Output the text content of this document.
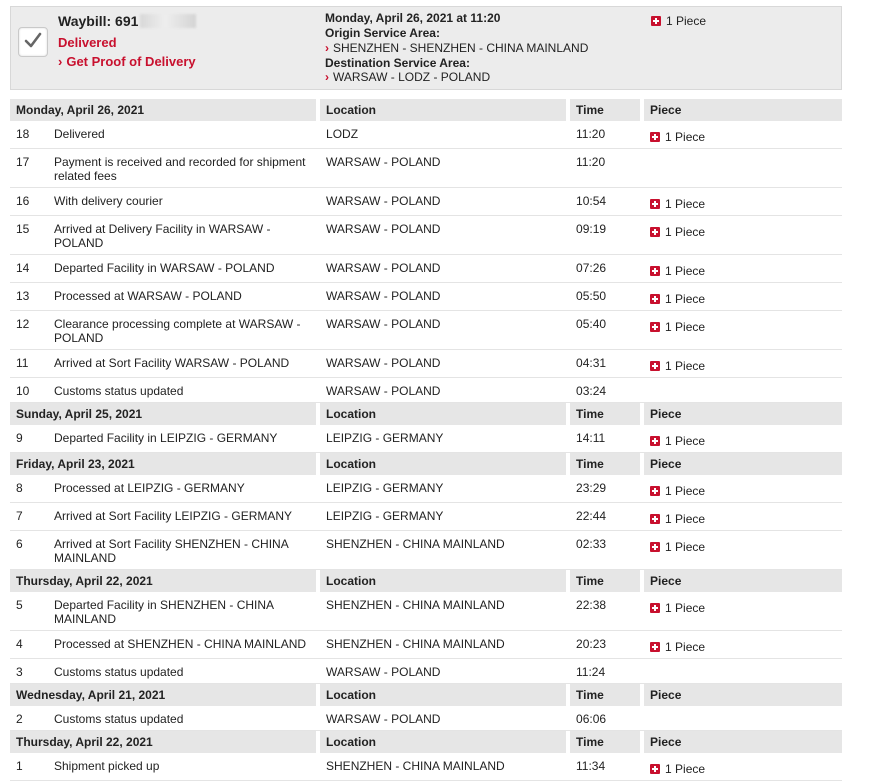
Waybill: 691
Delivered
› Get Proof of Delivery
Monday, April 26, 2021 at 11:20
Origin Service Area:
› SHENZHEN - SHENZHEN - CHINA MAINLAND
Destination Service Area:
› WARSAW - LODZ - POLAND
1 Piece
Monday, April 26, 2021		Location	Time	Piece
18	Delivered	LODZ	11:20	1 Piece
17	Payment is received and recorded for shipment related fees	WARSAW - POLAND	11:20	
16	With delivery courier	WARSAW - POLAND	10:54	1 Piece
15	Arrived at Delivery Facility in WARSAW - POLAND	WARSAW - POLAND	09:19	1 Piece
14	Departed Facility in WARSAW - POLAND	WARSAW - POLAND	07:26	1 Piece
13	Processed at WARSAW - POLAND	WARSAW - POLAND	05:50	1 Piece
12	Clearance processing complete at WARSAW - POLAND	WARSAW - POLAND	05:40	1 Piece
11	Arrived at Sort Facility WARSAW - POLAND	WARSAW - POLAND	04:31	1 Piece
10	Customs status updated	WARSAW - POLAND	03:24	
Sunday, April 25, 2021		Location	Time	Piece
9	Departed Facility in LEIPZIG - GERMANY	LEIPZIG - GERMANY	14:11	1 Piece
Friday, April 23, 2021		Location	Time	Piece
8	Processed at LEIPZIG - GERMANY	LEIPZIG - GERMANY	23:29	1 Piece
7	Arrived at Sort Facility LEIPZIG - GERMANY	LEIPZIG - GERMANY	22:44	1 Piece
6	Arrived at Sort Facility SHENZHEN - CHINA MAINLAND	SHENZHEN - CHINA MAINLAND	02:33	1 Piece
Thursday, April 22, 2021		Location	Time	Piece
5	Departed Facility in SHENZHEN - CHINA MAINLAND	SHENZHEN - CHINA MAINLAND	22:38	1 Piece
4	Processed at SHENZHEN - CHINA MAINLAND	SHENZHEN - CHINA MAINLAND	20:23	1 Piece
3	Customs status updated	WARSAW - POLAND	11:24	
Wednesday, April 21, 2021		Location	Time	Piece
2	Customs status updated	WARSAW - POLAND	06:06	
Thursday, April 22, 2021		Location	Time	Piece
1	Shipment picked up	SHENZHEN - CHINA MAINLAND	11:34	1 Piece
